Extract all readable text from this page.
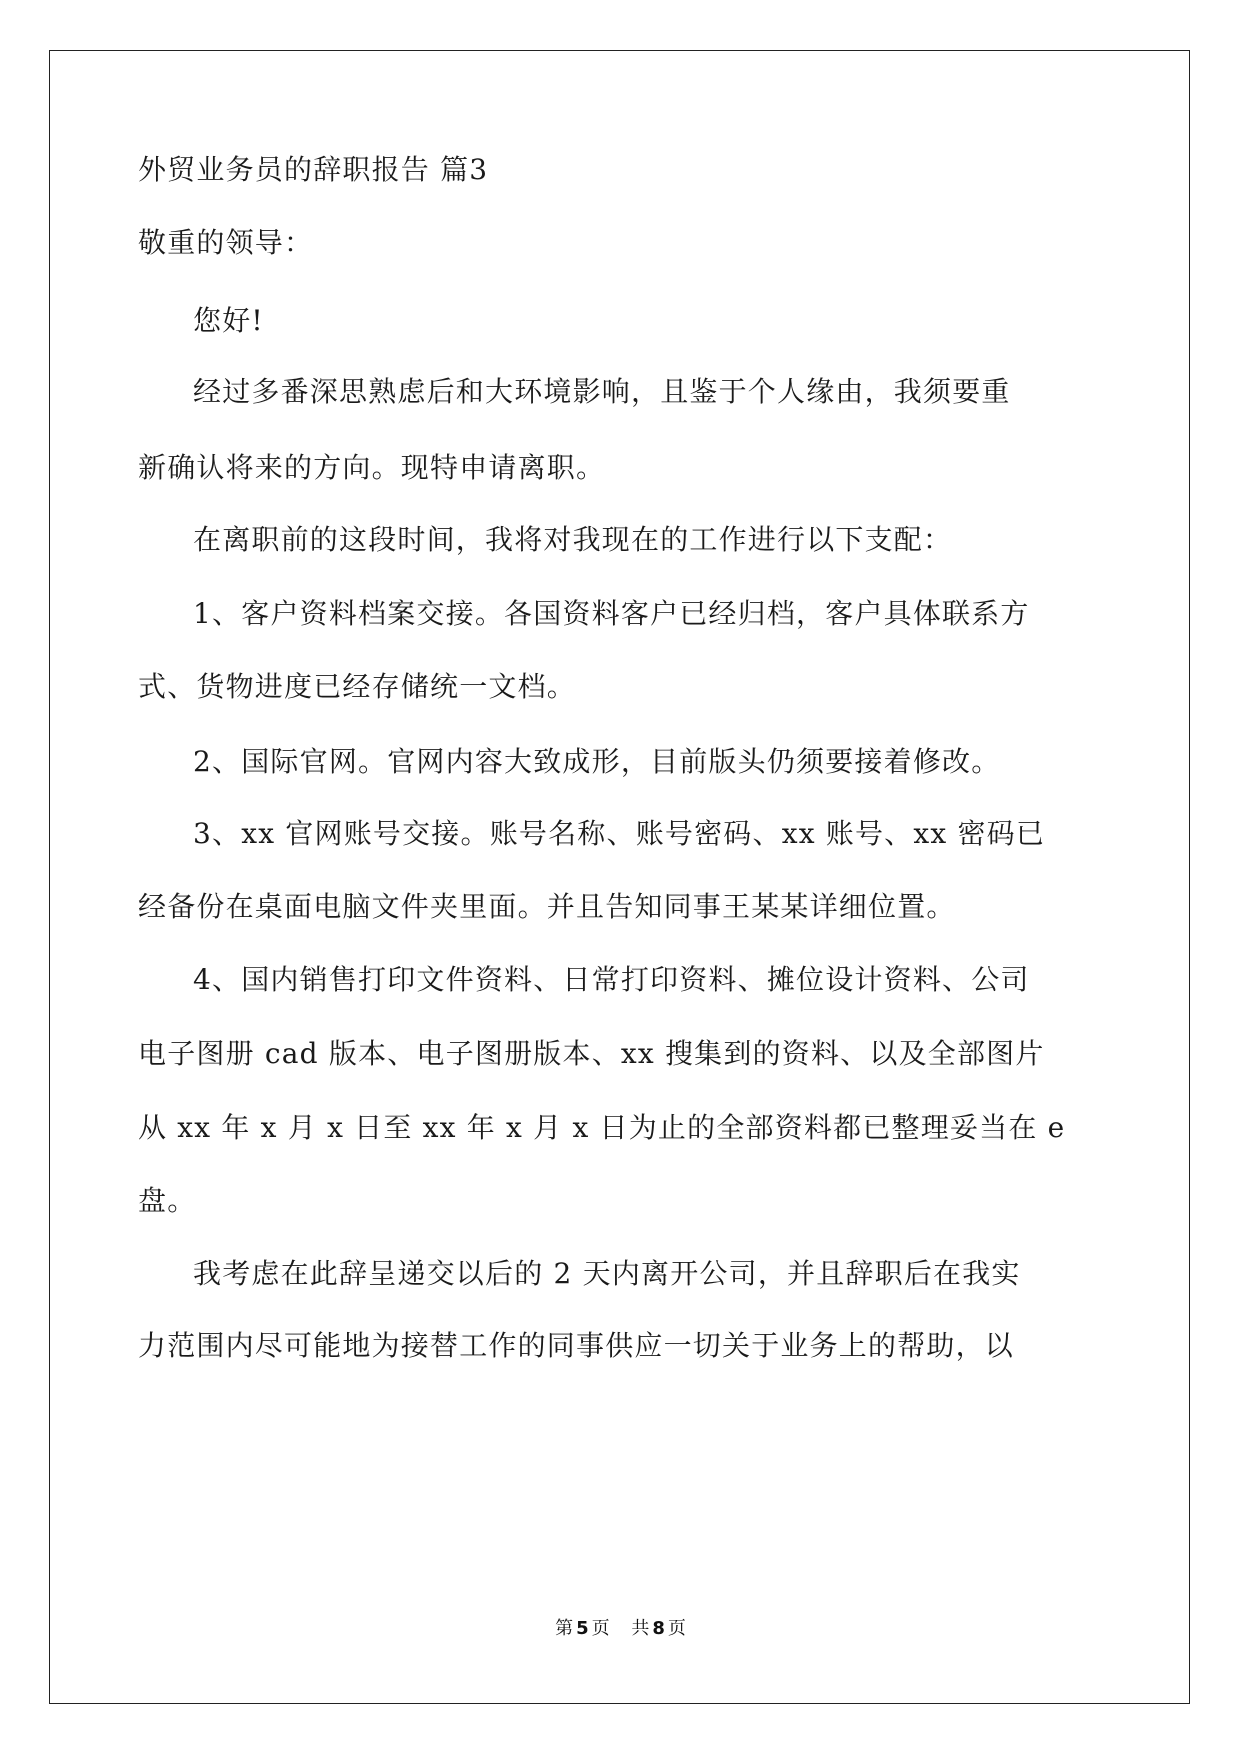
外贸业务员的辞职报告 篇3
敬重的领导：
您好!
经过多番深思熟虑后和大环境影响，且鉴于个人缘由，我须要重
新确认将来的方向。现特申请离职。
在离职前的这段时间，我将对我现在的工作进行以下支配：
1、客户资料档案交接。各国资料客户已经归档，客户具体联系方
式、货物进度已经存储统一文档。
2、国际官网。官网内容大致成形，目前版头仍须要接着修改。
3、xx 官网账号交接。账号名称、账号密码、xx 账号、xx 密码已
经备份在桌面电脑文件夹里面。并且告知同事王某某详细位置。
4、国内销售打印文件资料、日常打印资料、摊位设计资料、公司
电子图册 cad 版本、电子图册版本、xx 搜集到的资料、以及全部图片
从 xx 年 x 月 x 日至 xx 年 x 月 x 日为止的全部资料都已整理妥当在 e
盘。
我考虑在此辞呈递交以后的 2 天内离开公司，并且辞职后在我实
力范围内尽可能地为接替工作的同事供应一切关于业务上的帮助，以
第 5 页 共 8 页
